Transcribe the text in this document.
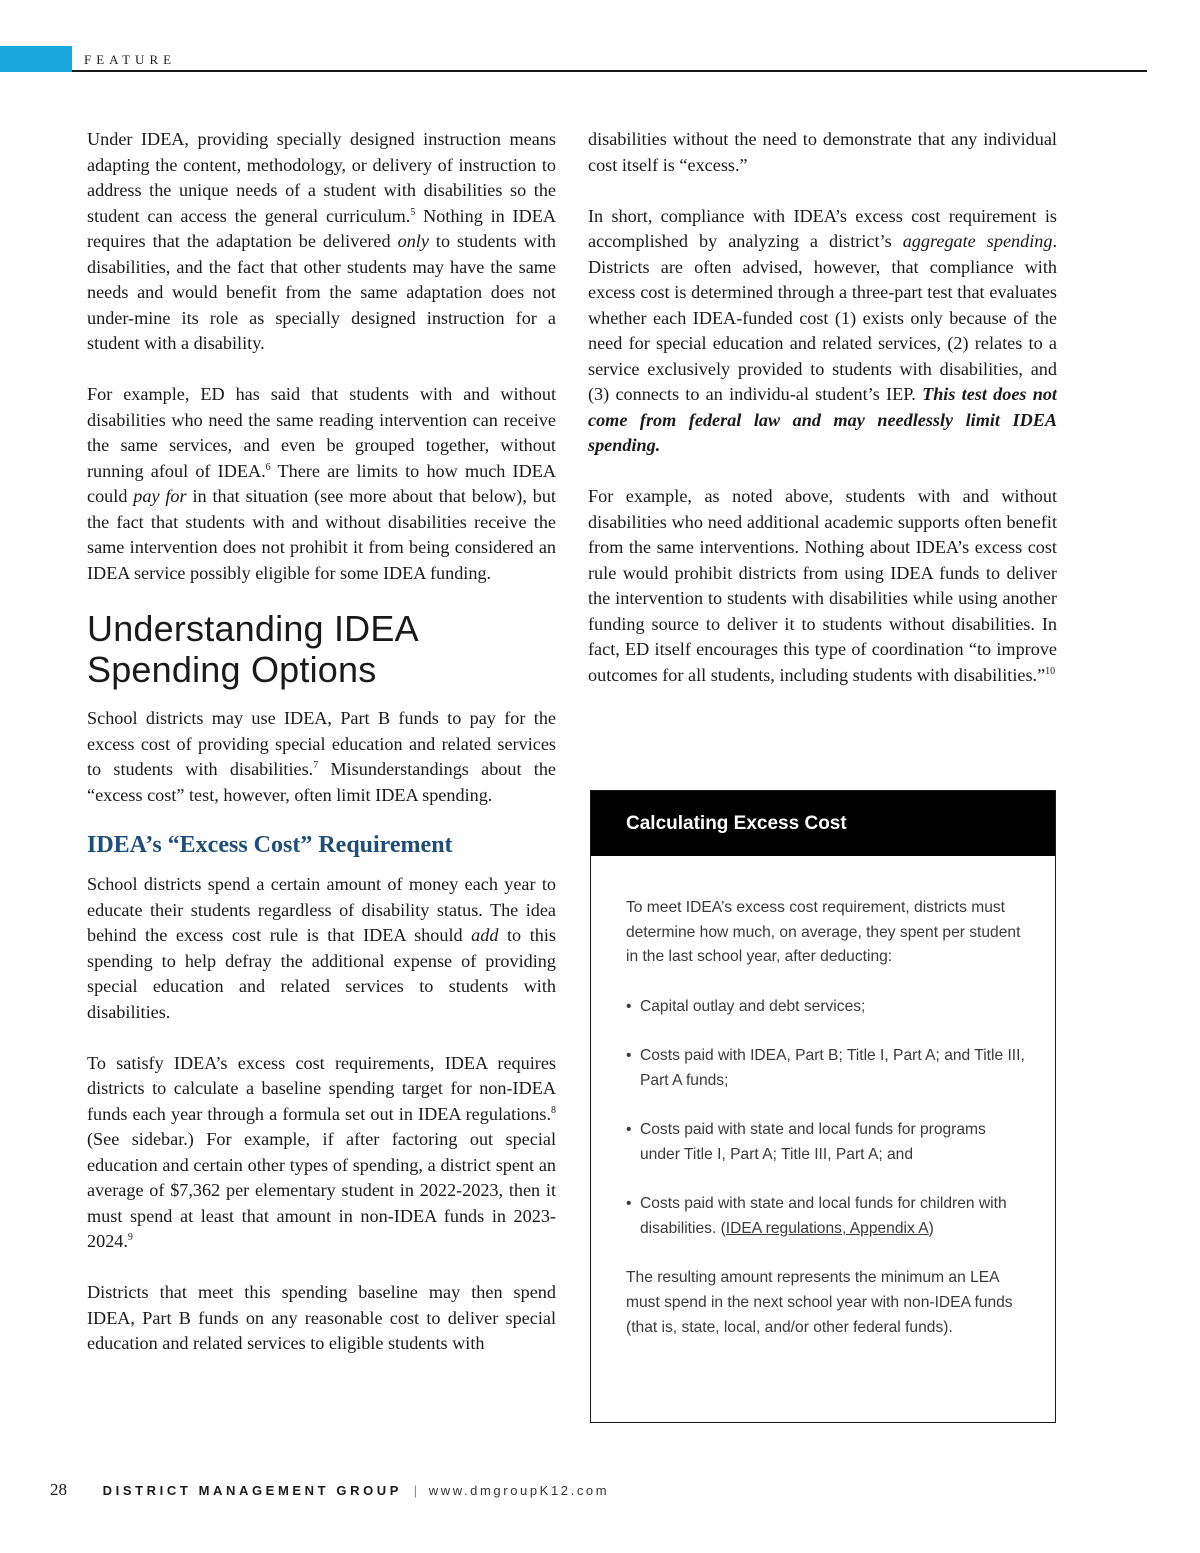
FEATURE

Under IDEA, providing specially designed instruction means adapting the content, methodology, or delivery of instruction to address the unique needs of a student with disabilities so the student can access the general curriculum.$^5$ Nothing in IDEA requires that the adaptation be delivered only to students with disabilities, and the fact that other students may have the same needs and would benefit from the same adaptation does not under-mine its role as specially designed instruction for a student with a disability.

For example, ED has said that students with and without disabilities who need the same reading intervention can receive the same services, and even be grouped together, without running afoul of IDEA.$^6$ There are limits to how much IDEA could pay for in that situation (see more about that below), but the fact that students with and without disabilities receive the same intervention does not prohibit it from being considered an IDEA service possibly eligible for some IDEA funding.

Understanding IDEA Spending Options

School districts may use IDEA, Part B funds to pay for the excess cost of providing special education and related services to students with disabilities.$^7$ Misunderstandings about the “excess cost” test, however, often limit IDEA spending.

IDEA’s “Excess Cost” Requirement

School districts spend a certain amount of money each year to educate their students regardless of disability status. The idea behind the excess cost rule is that IDEA should add to this spending to help defray the additional expense of providing special education and related services to students with disabilities.

To satisfy IDEA’s excess cost requirements, IDEA requires districts to calculate a baseline spending target for non-IDEA funds each year through a formula set out in IDEA regulations.$^8$ (See sidebar.) For example, if after factoring out special education and certain other types of spending, a district spent an average of $7,362 per elementary student in 2022-2023, then it must spend at least that amount in non-IDEA funds in 2023-2024.$^9$

Districts that meet this spending baseline may then spend IDEA, Part B funds on any reasonable cost to deliver special education and related services to eligible students with

disabilities without the need to demonstrate that any individual cost itself is “excess.”

In short, compliance with IDEA’s excess cost requirement is accomplished by analyzing a district’s aggregate spending. Districts are often advised, however, that compliance with excess cost is determined through a three-part test that evaluates whether each IDEA-funded cost (1) exists only because of the need for special education and related services, (2) relates to a service exclusively provided to students with disabilities, and (3) connects to an individu-al student’s IEP. This test does not come from federal law and may needlessly limit IDEA spending.

For example, as noted above, students with and without disabilities who need additional academic supports often benefit from the same interventions. Nothing about IDEA’s excess cost rule would prohibit districts from using IDEA funds to deliver the intervention to students with disabilities while using another funding source to deliver it to students without disabilities. In fact, ED itself encourages this type of coordination “to improve outcomes for all students, including students with disabilities.”$^{10}$

Calculating Excess Cost

To meet IDEA’s excess cost requirement, districts must determine how much, on average, they spent per student in the last school year, after deducting:

• Capital outlay and debt services;
• Costs paid with IDEA, Part B; Title I, Part A; and Title III, Part A funds;
• Costs paid with state and local funds for programs under Title I, Part A; Title III, Part A; and
• Costs paid with state and local funds for children with disabilities. (IDEA regulations, Appendix A)

The resulting amount represents the minimum an LEA must spend in the next school year with non-IDEA funds (that is, state, local, and/or other federal funds).

28	DISTRICT MANAGEMENT GROUP | www.dmgroupK12.com
